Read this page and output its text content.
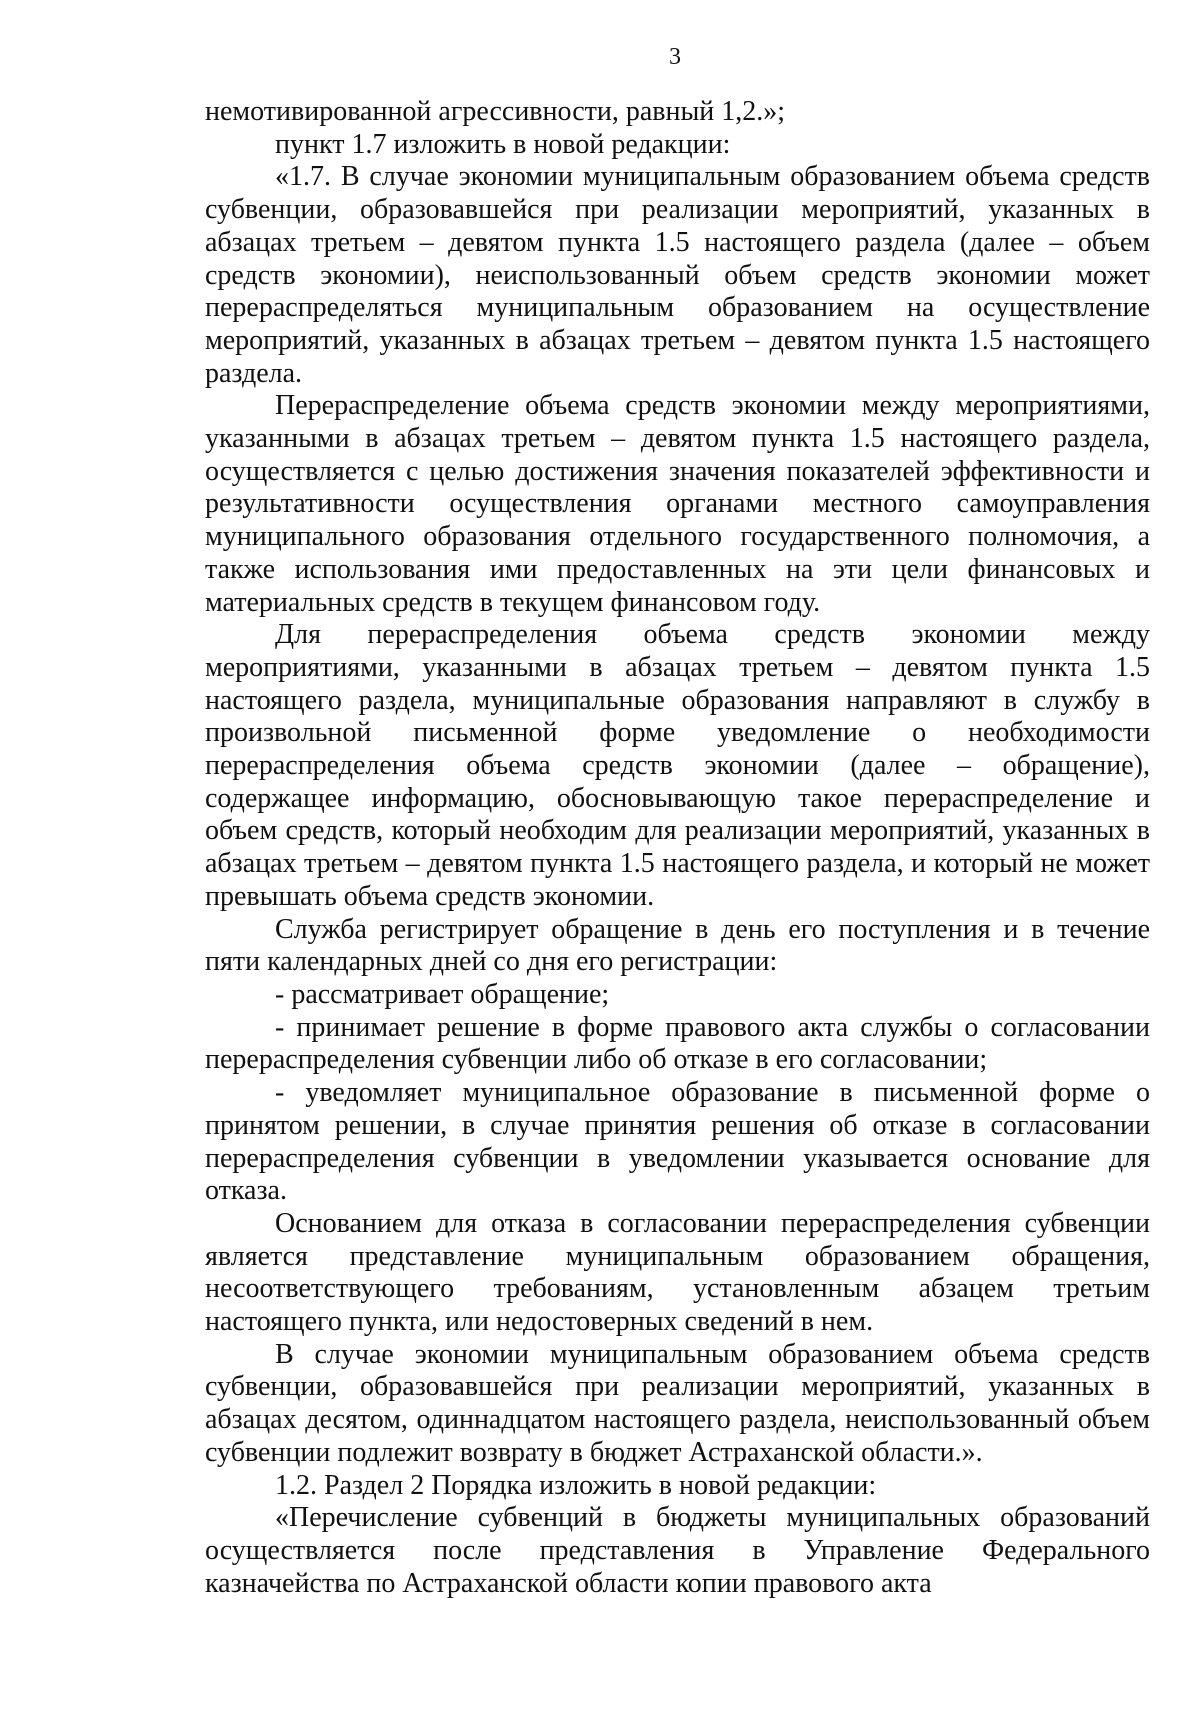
3

немотивированной агрессивности, равный 1,2.»;

пункт 1.7 изложить в новой редакции:

«1.7. В случае экономии муниципальным образованием объема средств субвенции, образовавшейся при реализации мероприятий, указанных в абзацах третьем – девятом пункта 1.5 настоящего раздела (далее – объем средств экономии), неиспользованный объем средств экономии может перераспределяться муниципальным образованием на осуществление мероприятий, указанных в абзацах третьем – девятом пункта 1.5 настоящего раздела.

Перераспределение объема средств экономии между мероприятиями, указанными в абзацах третьем – девятом пункта 1.5 настоящего раздела, осуществляется с целью достижения значения показателей эффективности и результативности осуществления органами местного самоуправления муниципального образования отдельного государственного полномочия, а также использования ими предоставленных на эти цели финансовых и материальных средств в текущем финансовом году.

Для перераспределения объема средств экономии между мероприятиями, указанными в абзацах третьем – девятом пункта 1.5 настоящего раздела, муниципальные образования направляют в службу в произвольной письменной форме уведомление о необходимости перераспределения объема средств экономии (далее – обращение), содержащее информацию, обосновывающую такое перераспределение и объем средств, который необходим для реализации мероприятий, указанных в абзацах третьем – девятом пункта 1.5 настоящего раздела, и который не может превышать объема средств экономии.

Служба регистрирует обращение в день его поступления и в течение пяти календарных дней со дня его регистрации:

- рассматривает обращение;

- принимает решение в форме правового акта службы о согласовании перераспределения субвенции либо об отказе в его согласовании;

- уведомляет муниципальное образование в письменной форме о принятом решении, в случае принятия решения об отказе в согласовании перераспределения субвенции в уведомлении указывается основание для отказа.

Основанием для отказа в согласовании перераспределения субвенции является представление муниципальным образованием обращения, несоответствующего требованиям, установленным абзацем третьим настоящего пункта, или недостоверных сведений в нем.

В случае экономии муниципальным образованием объема средств субвенции, образовавшейся при реализации мероприятий, указанных в абзацах десятом, одиннадцатом настоящего раздела, неиспользованный объем субвенции подлежит возврату в бюджет Астраханской области.».

1.2. Раздел 2 Порядка изложить в новой редакции:

«Перечисление субвенций в бюджеты муниципальных образований осуществляется после представления в Управление Федерального казначейства по Астраханской области копии правового акта
